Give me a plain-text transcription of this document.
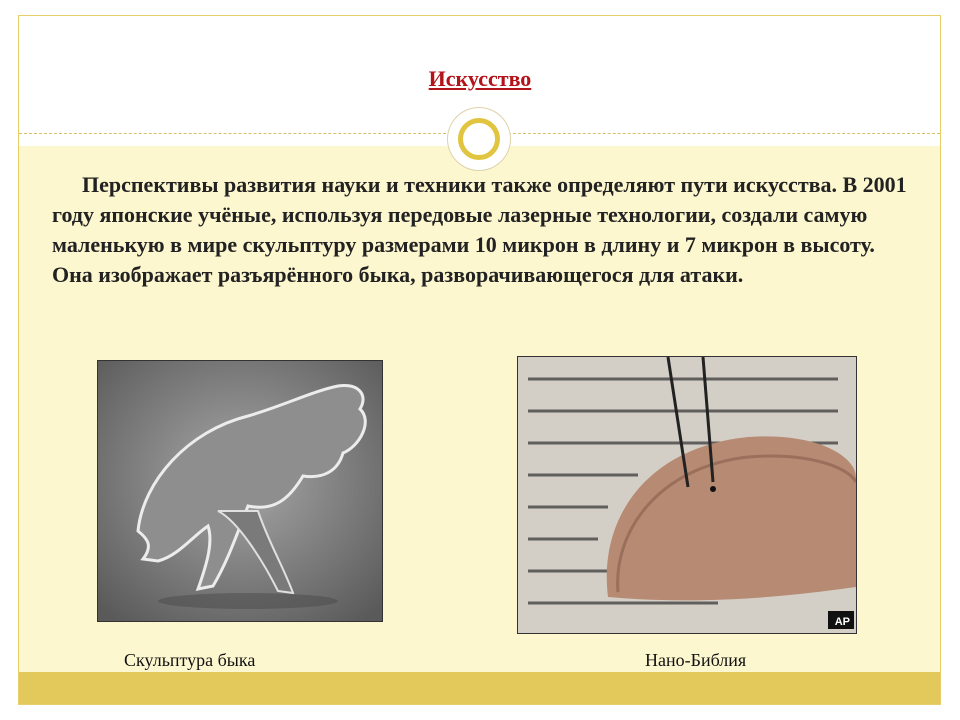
Искусство

Перспективы развития науки и техники также определяют пути искусства. В 2001 году японские учёные, используя передовые лазерные технологии, создали самую маленькую в мире скульптуру размерами 10 микрон в длину и 7 микрон в высоту. Она изображает разъярённого быка, разворачивающегося для атаки.

AP
Скульптура быка	Нано-Библия
